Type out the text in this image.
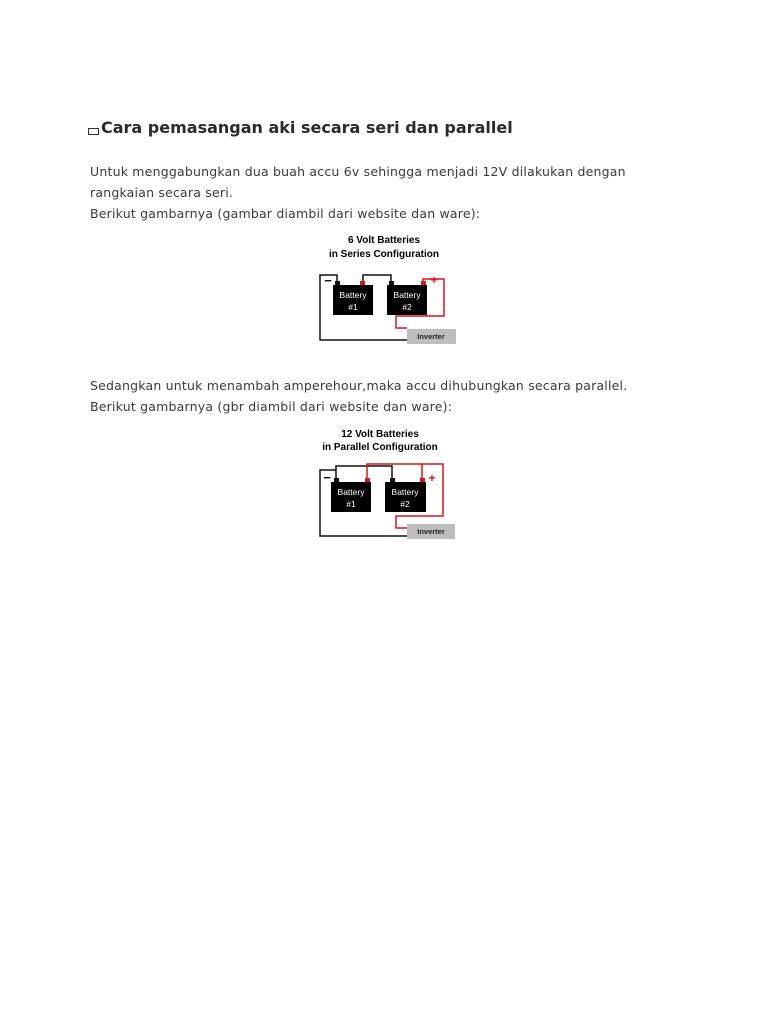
Cara pemasangan aki secara seri dan parallel
Untuk menggabungkan dua buah accu 6v sehingga menjadi 12V dilakukan dengan
rangkaian secara seri.
Berikut gambarnya (gambar diambil dari website dan ware):
6 Volt Batteries
in Series Configuration
Battery
#1
Battery
#2
−	+
Inverter
Sedangkan untuk menambah amperehour,maka accu dihubungkan secara parallel.
Berikut gambarnya (gbr diambil dari website dan ware):
12 Volt Batteries
in Parallel Configuration
Battery
#1
Battery
#2
−	+
Inverter
